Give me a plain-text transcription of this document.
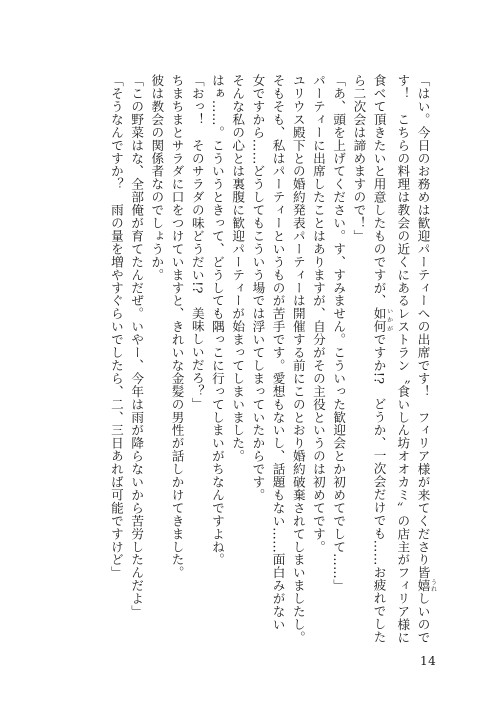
「はい。今日のお務めは歓迎パーティーへの出席です！　フィリア様が来てくださり皆嬉 うれしいので

す！　こちらの料理は教会の近くにあるレストラン〝食いしん坊オオカミ〟の店主がフィリア様に

食べて頂きたいと用意したものですが、如何 いかがですか!?　どうか、一次会だけでも……お疲れでした

ら二次会は諦めますので！」

「あ、頭を上げてください。す、すみません。こういった歓迎会とか初めてでして……」

パーティーに出席したことはありますが、自分がその主役というのは初めてです。

ユリウス殿下との婚約発表パーティーは開催する前にこのとおり婚約破棄されてしまいましたし。

そもそも、私はパーティーというものが苦手です。愛想もないし、話題もない……面白みがない

女ですから……どうしてもこういう場では浮いてしまっていたからです。

そんな私の心とは裏腹に歓迎パーティーが始まってしまいました。

はぁ……。こういうときって、どうしても隅っこに行ってしまいがちなんですよね。

「おっ！　そのサラダの味どうだい!?　美味しいだろ？」

ちまちまとサラダに口をつけていますと、きれいな金髪の男性が話しかけてきました。

彼は教会の関係者なのでしょうか。

「この野菜はな、全部俺が育てたんだぜ。いやー、今年は雨が降らないから苦労したんだよ」

「そうなんですか？　雨の量を増やすぐらいでしたら、二、三日あれば可能ですけど」

14
